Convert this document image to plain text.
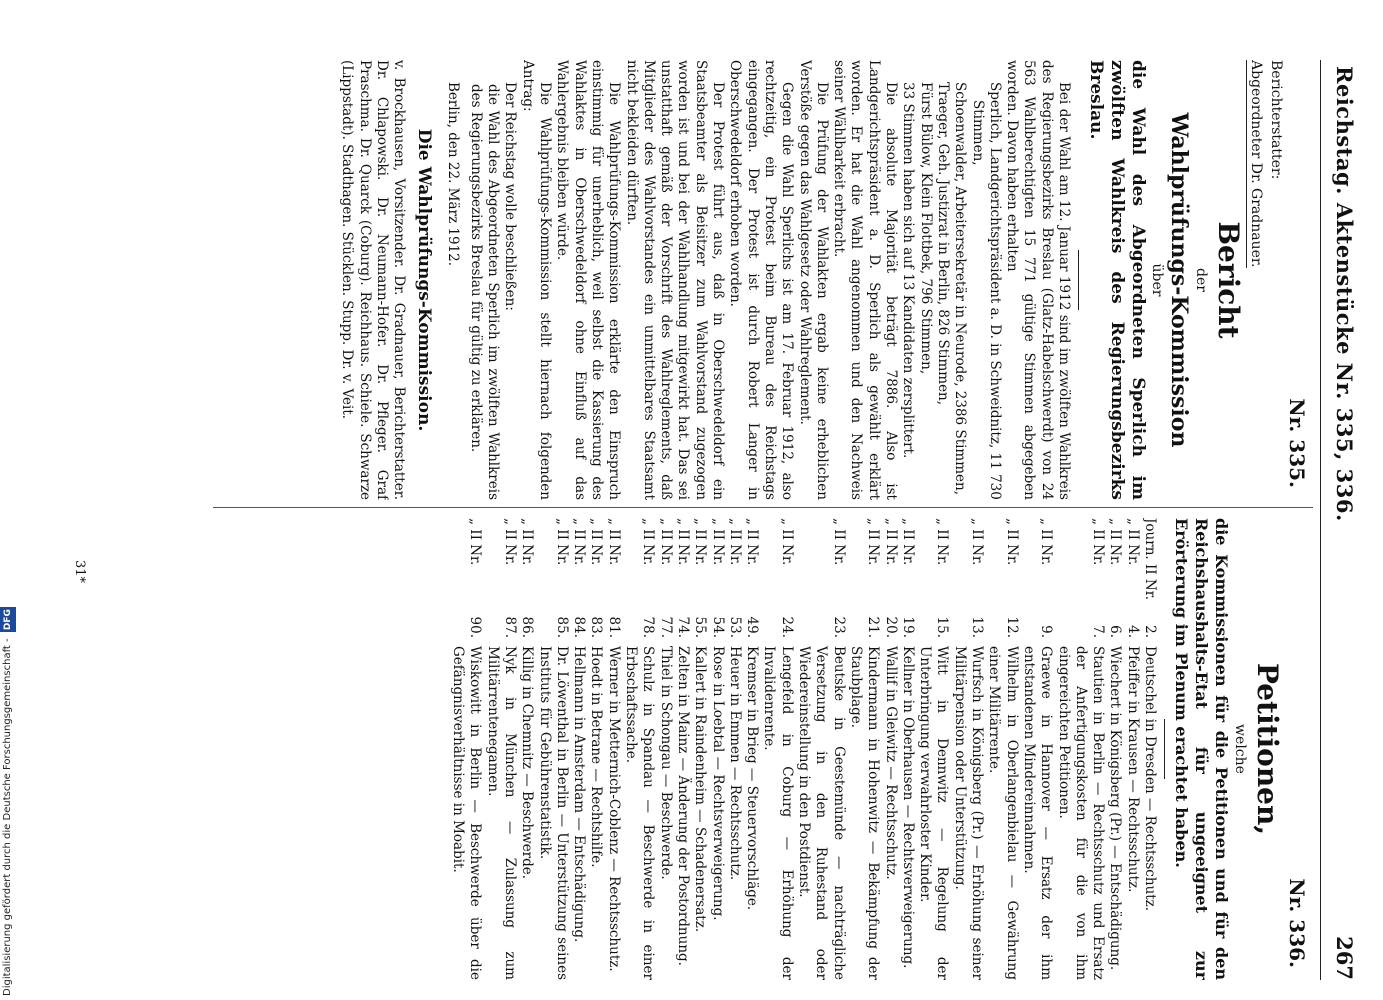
Reichstag. Aktenstücke Nr. 335, 336.
267
Nr. 335.
Berichterstatter:
Abgeordneter Dr. Gradnauer.
Bericht
der
Wahlprüfungs-Kommission
über
die Wahl des Abgeordneten Sperlich im zwölften Wahlkreis des Regierungsbezirks Breslau.

Bei der Wahl am 12. Januar 1912 sind im zwölften Wahlkreis des Regierungsbezirks Breslau (Glatz-Habelschwerdt) von 24 563 Wahlberechtigten 15 771 gültige Stimmen abgegeben worden. Davon haben erhalten

Sperlich, Landgerichtspräsident a. D. in Schweidnitz, 11 730 Stimmen,

Schoenwalder, Arbeitersekretär in Neurode, 2386 Stimmen,

Traeger, Geh. Justizrat in Berlin, 826 Stimmen,

Fürst Bülow, Klein Flottbek, 796 Stimmen,

33 Stimmen haben sich auf 13 Kandidaten zersplittert.

Die absolute Majorität beträgt 7886. Also ist Landgerichtspräsident a. D. Sperlich als gewählt erklärt worden. Er hat die Wahl angenommen und den Nachweis seiner Wählbarkeit erbracht.

Die Prüfung der Wahlakten ergab keine erheblichen Verstöße gegen das Wahlgesetz oder Wahlreglement.

Gegen die Wahl Sperlichs ist am 17. Februar 1912, also rechtzeitig, ein Protest beim Bureau des Reichstags eingegangen. Der Protest ist durch Robert Langer in Oberschwedeldorf erhoben worden.

Der Protest führt aus, daß in Oberschwedeldorf ein Staatsbeamter als Beisitzer zum Wahlvorstand zugezogen worden ist und bei der Wahlhandlung mitgewirkt hat. Das sei unstatthaft gemäß der Vorschrift des Wahlreglements, daß Mitglieder des Wahlvorstandes ein unmittelbares Staatsamt nicht bekleiden dürften.

Die Wahlprüfungs-Kommission erklärte den Einspruch einstimmig für unerheblich, weil selbst die Kassierung des Wahlaktes in Oberschwedeldorf ohne Einfluß auf das Wahlergebnis bleiben würde.

Die Wahlprüfungs-Kommission stellt hiernach folgenden Antrag:

Der Reichstag wolle beschließen:

die Wahl des Abgeordneten Sperlich im zwölften Wahlkreis des Regierungsbezirks Breslau für gültig zu erklären.

Berlin, den 22. März 1912.

Die Wahlprüfungs-Kommission.

v. Brockhausen, Vorsitzender. Dr. Gradnauer, Berichterstatter. Dr. Chlapowski. Dr. Neumann-Hofer. Dr. Pfleger. Graf Praschma. Dr. Quarck (Coburg). Reichhaus. Schiele. Schwarze (Lippstadt). Stadthagen. Stücklen. Stupp. Dr. v. Veit.

Nr. 336.
Petitionen,
welche
die Kommissionen für die Petitionen und für den Reichshaushalts-Etat für ungeeignet zur Erörterung im Plenum erachtet haben.
Journ. II Nr.
2.
Deutschel in Dresden — Rechtsschutz.
„ II Nr.
4.
Pfeiffer in Krausen — Rechtsschutz.
„ II Nr.
6.
Wiechert in Königsberg (Pr.) — Entschädigung.
„ II Nr.
7.
Stautien in Berlin — Rechtsschutz und Ersatz der Anfertigungskosten für die von ihm eingereichten Petitionen.
„ II Nr.
9.
Graewe in Hannover — Ersatz der ihm entstandenen Mindereinnahmen.
„ II Nr.
12.
Wilhelm in Oberlangenbielau — Gewährung einer Militärrente.
„ II Nr.
13.
Wurfsch in Königsberg (Pr.) — Erhöhung seiner Militärpension oder Unterstützung.
„ II Nr.
15.
Witt in Dennwitz — Regelung der Unterbringung verwahrloster Kinder.
„ II Nr.
19.
Kellner in Oberhausen — Rechtsverweigerung.
„ II Nr.
20.
Wallif in Gleiwitz — Rechtsschutz.
„ II Nr.
21.
Kindermann in Hohenwitz — Bekämpfung der Staubplage.
„ II Nr.
23.
Beutske in Geestemünde — nachträgliche Versetzung in den Ruhestand oder Wiedereinstellung in den Postdienst.
„ II Nr.
24.
Lengefeld in Coburg — Erhöhung der Invalidenrente.
„ II Nr.
49.
Kremser in Brieg — Steuervorschläge.
„ II Nr.
53.
Heuer in Emmen — Rechtsschutz.
„ II Nr.
54.
Rose in Loebtal — Rechtsverweigerung.
„ II Nr.
55.
Kallert in Raindenheim — Schadenersatz.
„ II Nr.
74.
Zelten in Mainz — Änderung der Postordnung.
„ II Nr.
77.
Thiel in Schongau — Beschwerde.
„ II Nr.
78.
Schulz in Spandau — Beschwerde in einer Erbschaftssache.
„ II Nr.
81.
Werner in Metternich-Coblenz — Rechtsschutz.
„ II Nr.
83.
Hoedt in Betrane — Rechtshilfe.
„ II Nr.
84.
Hellmann in Amsterdam — Entschädigung.
„ II Nr.
85.
Dr. Löwenthal in Berlin — Unterstützung seines Instituts für Gebührenstatistik.
„ II Nr.
86.
Killig in Chemnitz — Beschwerde.
„ II Nr.
87.
Nyk in München — Zulassung zum Militärrentenegamen.
„ II Nr.
90.
Wiskowitt in Berlin — Beschwerde über die Gefängnisverhältnisse in Moabit.
31*
Digitalisierung gefördert durch die Deutsche Forschungsgemeinschaft - DFG
